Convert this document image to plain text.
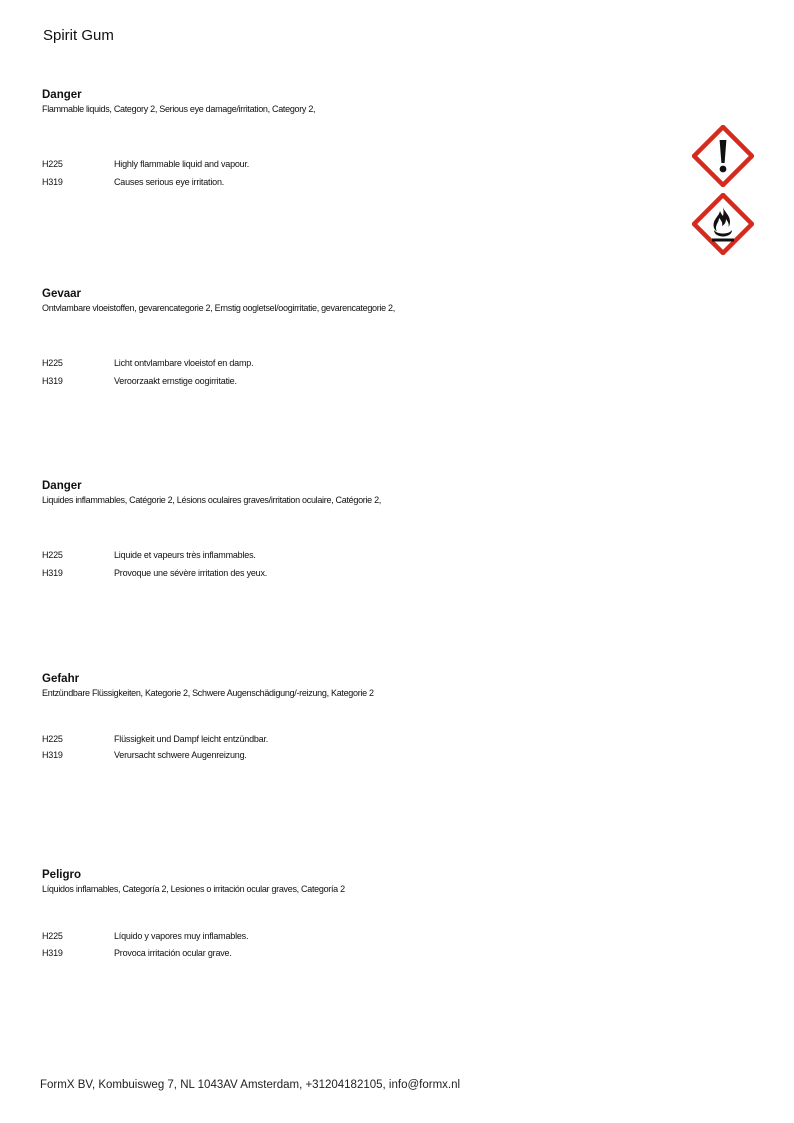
Spirit Gum

Danger

Flammable liquids, Category 2, Serious eye damage/irritation, Category 2,

H225	Highly flammable liquid and vapour.
H319	Causes serious eye irritation.

Gevaar

Ontvlambare vloeistoffen, gevarencategorie 2, Ernstig oogletsel/oogirritatie, gevarencategorie 2,

H225	Licht ontvlambare vloeistof en damp.
H319	Veroorzaakt ernstige oogirritatie.

Danger

Liquides inflammables, Catégorie 2, Lésions oculaires graves/irritation oculaire, Catégorie 2,

H225	Liquide et vapeurs très inflammables.
H319	Provoque une sévère irritation des yeux.

Gefahr

Entzündbare Flüssigkeiten, Kategorie 2, Schwere Augenschädigung/-reizung, Kategorie 2

H225	Flüssigkeit und Dampf leicht entzündbar.
H319	Verursacht schwere Augenreizung.

Peligro

Líquidos inflamables, Categoría 2, Lesiones o irritación ocular graves, Categoría 2

H225	Líquido y vapores muy inflamables.
H319	Provoca irritación ocular grave.
FormX BV, Kombuisweg 7, NL 1043AV Amsterdam, +31204182105, info@formx.nl
